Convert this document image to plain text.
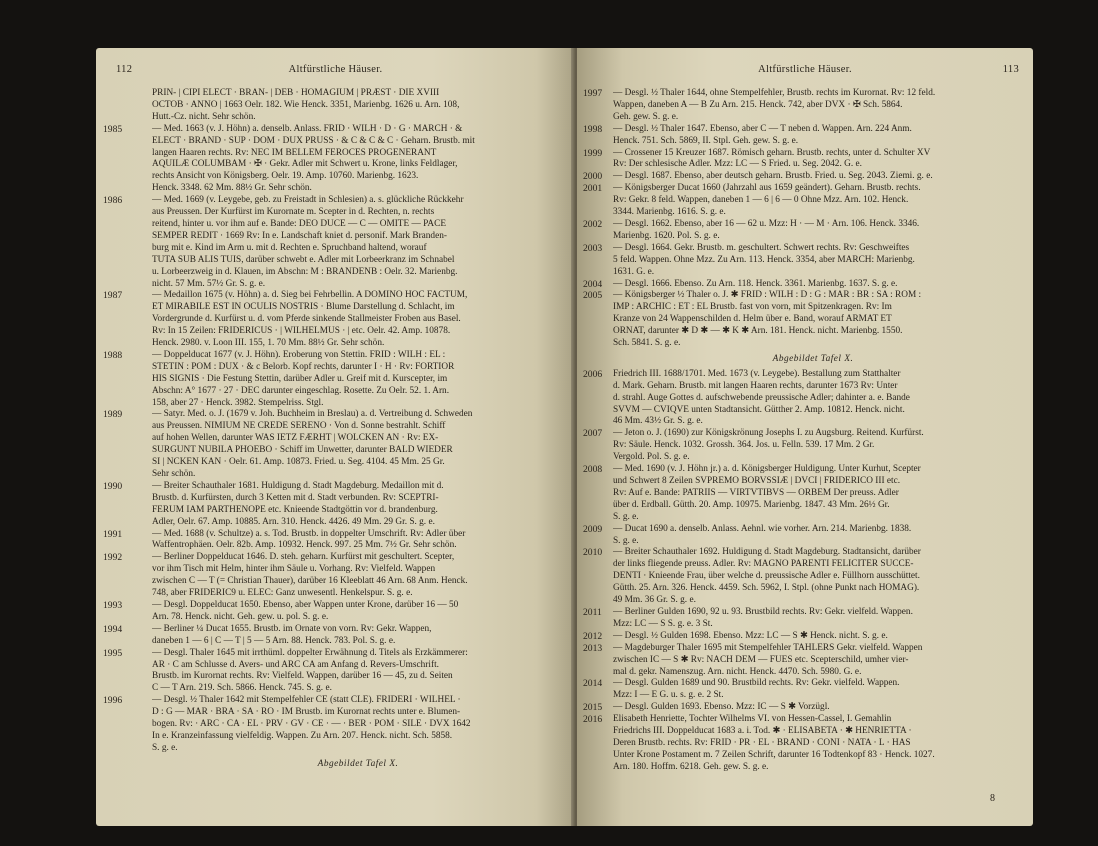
112	Altfürstliche Häuser.
PRIN- | CIPI ELECT · BRAN- | DEB · HOMAGIUM | PRÆST · DIE XVIII
OCTOB · ANNO | 1663 Oelr. 182. Wie Henck. 3351, Marienbg. 1626 u. Arn. 108,
Hutt.-Cz. nicht. Sehr schön.
1985	— Med. 1663 (v. J. Höhn) a. denselb. Anlass. FRID · WILH · D · G · MARCH · &
ELECT · BRAND · SUP · DOM · DUX PRUSS · & C & C & C · Geharn. Brustb. mit
langen Haaren rechts. Rv: NEC IM BELLEM FEROCES PROGENERANT
AQUILÆ COLUMBAM · ✠ · Gekr. Adler mit Schwert u. Krone, links Feldlager,
rechts Ansicht von Königsberg. Oelr. 19. Amp. 10760. Marienbg. 1623.
Henck. 3348. 62 Mm. 88½ Gr. Sehr schön.
1986	— Med. 1669 (v. Leygebe, geb. zu Freistadt in Schlesien) a. s. glückliche Rückkehr
aus Preussen. Der Kurfürst im Kurornate m. Scepter in d. Rechten, n. rechts
reitend, hinter u. vor ihm auf e. Bande: DEO DUCE — C — OMITE — PACE
SEMPER REDIT · 1669 Rv: In e. Landschaft kniet d. personif. Mark Branden-
burg mit e. Kind im Arm u. mit d. Rechten e. Spruchband haltend, worauf
TUTA SUB ALIS TUIS, darüber schwebt e. Adler mit Lorbeerkranz im Schnabel
u. Lorbeerzweig in d. Klauen, im Abschn: M : BRANDENB : Oelr. 32. Marienbg.
nicht. 57 Mm. 57½ Gr. S. g. e.
1987	— Medaillon 1675 (v. Höhn) a. d. Sieg bei Fehrbellin. A DOMINO HOC FACTUM,
ET MIRABILE EST IN OCULIS NOSTRIS · Blume Darstellung d. Schlacht, im
Vordergrunde d. Kurfürst u. d. vom Pferde sinkende Stallmeister Froben aus Basel.
Rv: In 15 Zeilen: FRIDERICUS · | WILHELMUS · | etc. Oelr. 42. Amp. 10878.
Henck. 2980. v. Loon III. 155, 1. 70 Mm. 88½ Gr. Sehr schön.
1988	— Doppelducat 1677 (v. J. Höhn). Eroberung von Stettin. FRID : WILH : EL :
STETIN : POM : DUX · & c Belorb. Kopf rechts, darunter I · H · Rv: FORTIOR
HIS SIGNIS · Die Festung Stettin, darüber Adler u. Greif mit d. Kurscepter, im
Abschn: A° 1677 · 27 · DEC darunter eingeschlag. Rosette. Zu Oelr. 52. 1. Arn.
158, aber 27 · Henck. 3982. Stempelriss. Stgl.
1989	— Satyr. Med. o. J. (1679 v. Joh. Buchheim in Breslau) a. d. Vertreibung d. Schweden
aus Preussen. NIMIUM NE CREDE SERENO · Von d. Sonne bestrahlt. Schiff
auf hohen Wellen, darunter WAS IETZ FÆRHT | WOLCKEN AN · Rv: EX-
SURGUNT NUBILA PHOEBO · Schiff im Unwetter, darunter BALD WIEDER
SI | NCKEN KAN · Oelr. 61. Amp. 10873. Fried. u. Seg. 4104. 45 Mm. 25 Gr.
Sehr schön.
1990	— Breiter Schauthaler 1681. Huldigung d. Stadt Magdeburg. Medaillon mit d.
Brustb. d. Kurfürsten, durch 3 Ketten mit d. Stadt verbunden. Rv: SCEPTRI-
FERUM IAM PARTHENOPE etc. Knieende Stadtgöttin vor d. brandenburg.
Adler, Oelr. 67. Amp. 10885. Arn. 310. Henck. 4426. 49 Mm. 29 Gr. S. g. e.
1991	— Med. 1688 (v. Schultze) a. s. Tod. Brustb. in doppelter Umschrift. Rv: Adler über
Waffentrophäen. Oelr. 82b. Amp. 10932. Henck. 997. 25 Mm. 7½ Gr. Sehr schön.
1992	— Berliner Doppelducat 1646. D. steh. geharn. Kurfürst mit geschultert. Scepter,
vor ihm Tisch mit Helm, hinter ihm Säule u. Vorhang. Rv: Vielfeld. Wappen
zwischen C — T (= Christian Thauer), darüber 16 Kleeblatt 46 Arn. 68 Anm. Henck.
748, aber FRIDERIC9 u. ELEC: Ganz unwesentl. Henkelspur. S. g. e.
1993	— Desgl. Doppelducat 1650. Ebenso, aber Wappen unter Krone, darüber 16 — 50
Arn. 78. Henck. nicht. Geh. gew. u. pol. S. g. e.
1994	— Berliner ¼ Ducat 1655. Brustb. im Ornate von vorn. Rv: Gekr. Wappen,
daneben 1 — 6 | C — T | 5 — 5 Arn. 88. Henck. 783. Pol. S. g. e.
1995	— Desgl. Thaler 1645 mit irrthüml. doppelter Erwähnung d. Titels als Erzkämmerer:
AR · C am Schlusse d. Avers- und ARC CA am Anfang d. Revers-Umschrift.
Brustb. im Kurornat rechts. Rv: Vielfeld. Wappen, darüber 16 — 45, zu d. Seiten
C — T Arn. 219. Sch. 5866. Henck. 745. S. g. e.
1996	— Desgl. ½ Thaler 1642 mit Stempelfehler CE (statt CLE). FRIDERI · WILHEL ·
D : G — MAR · BRA · SA · RO · IM Brustb. im Kurornat rechts unter e. Blumen-
bogen. Rv: · ARC · CA · EL · PRV · GV · CE · — · BER · POM · SILE · DVX 1642
In e. Kranzeinfassung vielfeldig. Wappen. Zu Arn. 207. Henck. nicht. Sch. 5858.
S. g. e.
Abgebildet Tafel X.
Altfürstliche Häuser.	113
1997 — Desgl. ½ Thaler 1644, ohne Stempelfehler, Brustb. rechts im Kurornat. Rv: 12 feld.
Wappen, daneben A — B Zu Arn. 215. Henck. 742, aber DVX · ✠ Sch. 5864.
Geh. gew. S. g. e.
1998 — Desgl. ½ Thaler 1647. Ebenso, aber C — T neben d. Wappen. Arn. 224 Anm.
Henck. 751. Sch. 5869, II. Stpl. Geh. gew. S. g. e.
1999 — Crossener 15 Kreuzer 1687. Römisch geharn. Brustb. rechts, unter d. Schulter XV
Rv: Der schlesische Adler. Mzz: LC — S Fried. u. Seg. 2042. G. e.
2000 — Desgl. 1687. Ebenso, aber deutsch geharn. Brustb. Fried. u. Seg. 2043. Ziemi. g. e.
2001 — Königsberger Ducat 1660 (Jahrzahl aus 1659 geändert). Geharn. Brustb. rechts.
Rv: Gekr. 8 feld. Wappen, daneben 1 — 6 | 6 — 0 Ohne Mzz. Arn. 102. Henck.
3344. Marienbg. 1616. S. g. e.
2002 — Desgl. 1662. Ebenso, aber 16 — 62 u. Mzz: H · — M · Arn. 106. Henck. 3346.
Marienbg. 1620. Pol. S. g. e.
2003 — Desgl. 1664. Gekr. Brustb. m. geschultert. Schwert rechts. Rv: Geschweiftes
5 feld. Wappen. Ohne Mzz. Zu Arn. 113. Henck. 3354, aber MARCH: Marienbg.
1631. G. e.
2004 — Desgl. 1666. Ebenso. Zu Arn. 118. Henck. 3361. Marienbg. 1637. S. g. e.
2005 — Königsberger ½ Thaler o. J. ✱ FRID : WILH : D : G : MAR : BR : SA : ROM :
IMP : ARCHIC : ET : EL Brustb. fast von vorn, mit Spitzenkragen. Rv: Im
Kranze von 24 Wappenschilden d. Helm über e. Band, worauf ARMAT ET
ORNAT, darunter ✱ D ✱ — ✱ K ✱ Arn. 181. Henck. nicht. Marienbg. 1550.
Sch. 5841. S. g. e.
Abgebildet Tafel X.
2006 Friedrich III. 1688/1701. Med. 1673 (v. Leygebe). Bestallung zum Statthalter
d. Mark. Geharn. Brustb. mit langen Haaren rechts, darunter 1673 Rv: Unter
d. strahl. Auge Gottes d. aufschwebende preussische Adler; dahinter a. e. Bande
SVVM — CVIQVE unten Stadtansicht. Gütther 2. Amp. 10812. Henck. nicht.
46 Mm. 43½ Gr. S. g. e.
2007 — Jeton o. J. (1690) zur Königskrönung Josephs I. zu Augsburg. Reitend. Kurfürst.
Rv: Säule. Henck. 1032. Grossh. 364. Jos. u. Felln. 539. 17 Mm. 2 Gr.
Vergold. Pol. S. g. e.
2008 — Med. 1690 (v. J. Höhn jr.) a. d. Königsberger Huldigung. Unter Kurhut, Scepter
und Schwert 8 Zeilen SVPREMO BORVSSIÆ | DVCI | FRIDERICO III etc.
Rv: Auf e. Bande: PATRIIS — VIRTVTIBVS — ORBEM Der preuss. Adler
über d. Erdball. Gütth. 20. Amp. 10975. Marienbg. 1847. 43 Mm. 26½ Gr.
S. g. e.
2009 — Ducat 1690 a. denselb. Anlass. Aehnl. wie vorher. Arn. 214. Marienbg. 1838.
S. g. e.
2010 — Breiter Schauthaler 1692. Huldigung d. Stadt Magdeburg. Stadtansicht, darüber
der links fliegende preuss. Adler. Rv: MAGNO PARENTI FELICITER SUCCE-
DENTI · Knieende Frau, über welche d. preussische Adler e. Füllhorn ausschüttet.
Gütth. 25. Arn. 326. Henck. 4459. Sch. 5962, I. Stpl. (ohne Punkt nach HOMAG).
49 Mm. 36 Gr. S. g. e.
2011 — Berliner Gulden 1690, 92 u. 93. Brustbild rechts. Rv: Gekr. vielfeld. Wappen.
Mzz: LC — S S. g. e. 3 St.
2012 — Desgl. ½ Gulden 1698. Ebenso. Mzz: LC — S ✱ Henck. nicht. S. g. e.
2013 — Magdeburger Thaler 1695 mit Stempelfehler TAHLERS Gekr. vielfeld. Wappen
zwischen IC — S ✱ Rv: NACH DEM — FUES etc. Scepterschild, umher vier-
mal d. gekr. Namenszug. Arn. nicht. Henck. 4470. Sch. 5980. G. e.
2014 — Desgl. Gulden 1689 und 90. Brustbild rechts. Rv: Gekr. vielfeld. Wappen.
Mzz: I — E G. u. s. g. e. 2 St.
2015 — Desgl. Gulden 1693. Ebenso. Mzz: IC — S ✱ Vorzügl.
2016 Elisabeth Henriette, Tochter Wilhelms VI. von Hessen-Cassel, I. Gemahlin
Friedrichs III. Doppelducat 1683 a. i. Tod. ✱ · ELISABETA · ✱ HENRIETTA ·
Deren Brustb. rechts. Rv: FRID · PR · EL · BRAND · CONI · NATA · L · HAS
Unter Krone Postament m. 7 Zeilen Schrift, darunter 16 Todtenkopf 83 · Henck. 1027.
Arn. 180. Hoffm. 6218. Geh. gew. S. g. e.
8
